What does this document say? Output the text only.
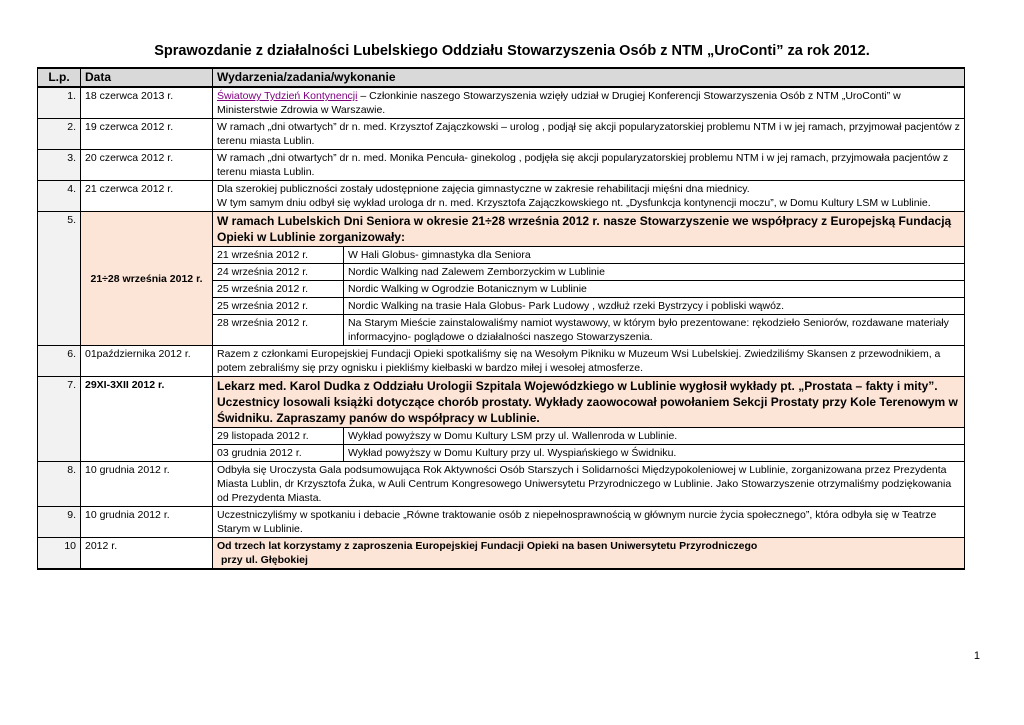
Sprawozdanie z działalności Lubelskiego Oddziału Stowarzyszenia Osób z NTM „UroConti” za rok 2012.
L.p.	Data	Wydarzenia/zadania/wykonanie
1.	18 czerwca 2013 r.	Światowy Tydzień Kontynencji – Członkinie naszego Stowarzyszenia wzięły udział w Drugiej Konferencji Stowarzyszenia Osób z NTM „UroConti” w Ministerstwie Zdrowia w Warszawie.
2.	19 czerwca 2012 r.	W ramach „dni otwartych” dr n. med. Krzysztof Zajączkowski – urolog , podjął się akcji popularyzatorskiej problemu NTM i w jej ramach, przyjmował pacjentów z terenu miasta Lublin.
3.	20 czerwca 2012 r.	W ramach „dni otwartych” dr n. med. Monika Pencuła- ginekolog , podjęła się akcji popularyzatorskiej problemu NTM i w jej ramach, przyjmowała pacjentów z terenu miasta Lublin.
4.	21 czerwca 2012 r.	Dla szerokiej publiczności zostały udostępnione zajęcia gimnastyczne w zakresie rehabilitacji mięśni dna miednicy.
W tym samym dniu odbył się wykład urologa dr n. med. Krzysztofa Zajączkowskiego nt. „Dysfunkcja kontynencji moczu”, w Domu Kultury LSM w Lublinie.

5.	21÷28 września 2012 r.	
W ramach Lubelskich Dni Seniora w okresie 21÷28 września 2012 r. nasze Stowarzyszenie we współpracy z Europejską Fundacją Opieki w Lublinie zorganizowały:
21 września 2012 r.	W Hali Globus- gimnastyka dla Seniora
24 września 2012 r.	Nordic Walking nad Zalewem Zemborzyckim w Lublinie
25 września 2012 r.	Nordic Walking w Ogrodzie Botanicznym w Lublinie
25 września 2012 r.	Nordic Walking na trasie Hala Globus- Park Ludowy , wzdłuż rzeki Bystrzycy i pobliski wąwóz.
28 września 2012 r.	Na Starym Mieście zainstalowaliśmy namiot wystawowy, w którym było prezentowane: rękodzieło Seniorów, rozdawane materiały informacyjno- poglądowe o działalności naszego Stowarzyszenia.

6.	01października 2012 r.	Razem z członkami Europejskiej Fundacji Opieki spotkaliśmy się na Wesołym Pikniku w Muzeum Wsi Lubelskiej. Zwiedziliśmy Skansen z przewodnikiem, a potem zebraliśmy się przy ognisku i piekliśmy kiełbaski w bardzo miłej i wesołej atmosferze.
7.	29XI-3XII 2012 r.	Lekarz med. Karol Dudka z Oddziału Urologii Szpitala Wojewódzkiego w Lublinie wygłosił wykłady pt. „Prostata – fakty i mity”. Uczestnicy losowali książki dotyczące chorób prostaty. Wykłady zaowocował powołaniem Sekcji Prostaty przy Kole Terenowym w Świdniku. Zapraszamy panów do współpracy w Lublinie.
29 listopada 2012 r.	Wykład powyższy w Domu Kultury LSM przy ul. Wallenroda w Lublinie.
03 grudnia 2012 r.	Wykład powyższy w Domu Kultury przy ul. Wyspiańskiego w Świdniku.

8.	10 grudnia 2012 r.	Odbyła się Uroczysta Gala podsumowująca Rok Aktywności Osób Starszych i Solidarności Międzypokoleniowej w Lublinie, zorganizowana przez Prezydenta Miasta Lublin, dr Krzysztofa Żuka, w Auli Centrum Kongresowego Uniwersytetu Przyrodniczego w Lublinie. Jako Stowarzyszenie otrzymaliśmy podziękowania od Prezydenta Miasta.
9.	10 grudnia 2012 r.	Uczestniczyliśmy w spotkaniu i debacie „Równe traktowanie osób z niepełnosprawnością w głównym nurcie życia społecznego”, która odbyła się w Teatrze Starym w Lublinie.
10	2012 r.	Od trzech lat korzystamy z zaproszenia Europejskiej Fundacji Opieki na basen Uniwersytetu Przyrodniczego
przy ul. Głębokiej
1
